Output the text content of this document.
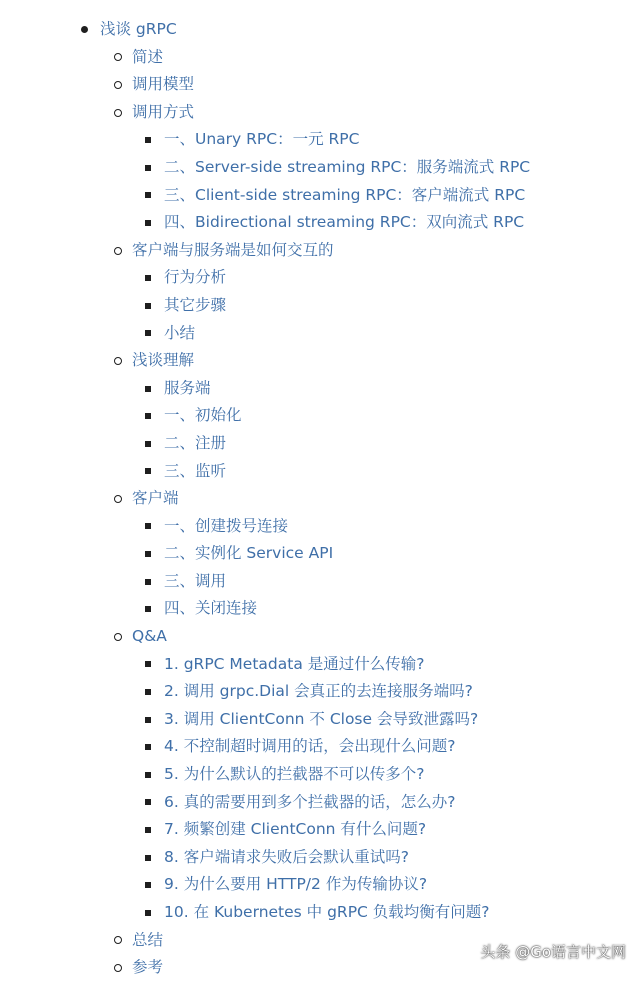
浅谈 gRPC
简述
调用模型
调用方式
一、Unary RPC：一元 RPC
二、Server-side streaming RPC：服务端流式 RPC
三、Client-side streaming RPC：客户端流式 RPC
四、Bidirectional streaming RPC：双向流式 RPC
客户端与服务端是如何交互的
行为分析
其它步骤
小结
浅谈理解
服务端
一、初始化
二、注册
三、监听
客户端
一、创建拨号连接
二、实例化 Service API
三、调用
四、关闭连接
Q&A
1. gRPC Metadata 是通过什么传输?
2. 调用 grpc.Dial 会真正的去连接服务端吗?
3. 调用 ClientConn 不 Close 会导致泄露吗?
4. 不控制超时调用的话，会出现什么问题?
5. 为什么默认的拦截器不可以传多个?
6. 真的需要用到多个拦截器的话，怎么办?
7. 频繁创建 ClientConn 有什么问题?
8. 客户端请求失败后会默认重试吗?
9. 为什么要用 HTTP/2 作为传输协议?
10. 在 Kubernetes 中 gRPC 负载均衡有问题?
总结
参考
头条 @Go语言中文网
